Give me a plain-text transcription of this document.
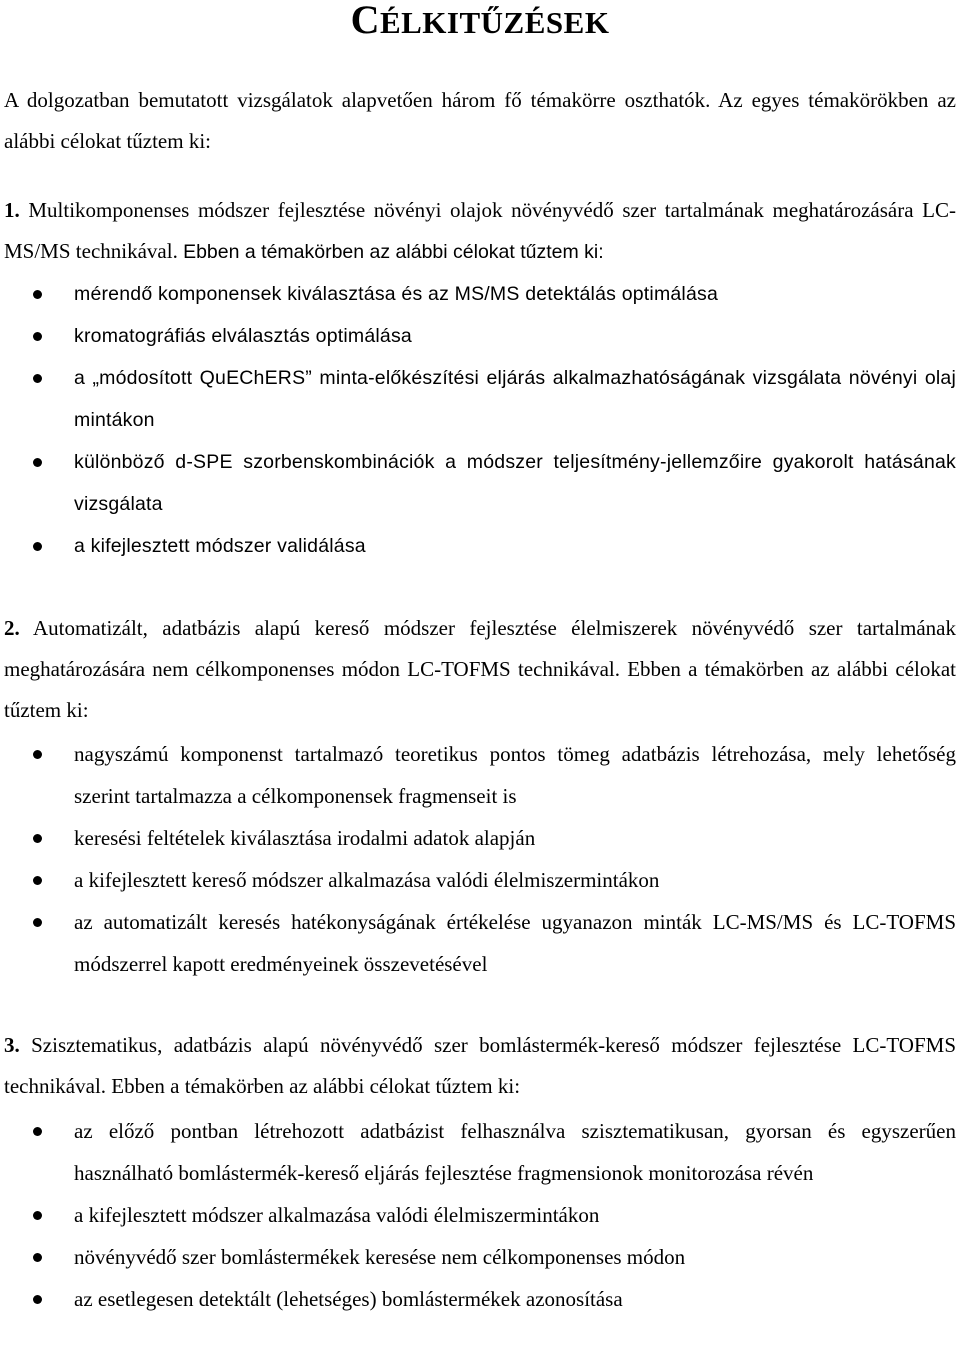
CÉLKITŰZÉSEK

A dolgozatban bemutatott vizsgálatok alapvetően három fő témakörre oszthatók. Az egyes témakörökben az alábbi célokat tűztem ki:

1. Multikomponenses módszer fejlesztése növényi olajok növényvédő szer tartalmának meghatározására LC-MS/MS technikával. Ebben a témakörben az alábbi célokat tűztem ki:

mérendő komponensek kiválasztása és az MS/MS detektálás optimálása
kromatográfiás elválasztás optimálása
a „módosított QuEChERS” minta-előkészítési eljárás alkalmazhatóságának vizsgálata növényi olaj mintákon
különböző d-SPE szorbenskombinációk a módszer teljesítmény-jellemzőire gyakorolt hatásának vizsgálata
a kifejlesztett módszer validálása

2. Automatizált, adatbázis alapú kereső módszer fejlesztése élelmiszerek növényvédő szer tartalmának meghatározására nem célkomponenses módon LC-TOFMS technikával. Ebben a témakörben az alábbi célokat tűztem ki:

nagyszámú komponenst tartalmazó teoretikus pontos tömeg adatbázis létrehozása, mely lehetőség szerint tartalmazza a célkomponensek fragmenseit is
keresési feltételek kiválasztása irodalmi adatok alapján
a kifejlesztett kereső módszer alkalmazása valódi élelmiszermintákon
az automatizált keresés hatékonyságának értékelése ugyanazon minták LC-MS/MS és LC-TOFMS módszerrel kapott eredményeinek összevetésével

3. Szisztematikus, adatbázis alapú növényvédő szer bomlástermék-kereső módszer fejlesztése LC-TOFMS technikával. Ebben a témakörben az alábbi célokat tűztem ki:

az előző pontban létrehozott adatbázist felhasználva szisztematikusan, gyorsan és egyszerűen használható bomlástermék-kereső eljárás fejlesztése fragmensionok monitorozása révén
a kifejlesztett módszer alkalmazása valódi élelmiszermintákon
növényvédő szer bomlástermékek keresése nem célkomponenses módon
az esetlegesen detektált (lehetséges) bomlástermékek azonosítása
